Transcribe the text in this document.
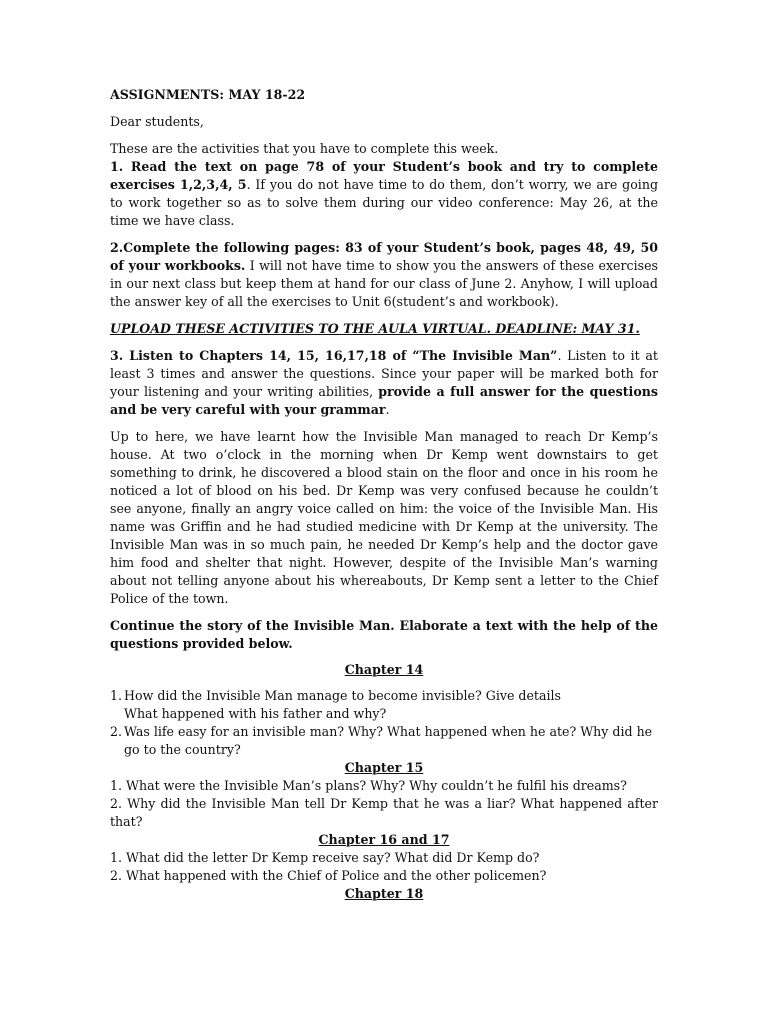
ASSIGNMENTS: MAY 18-22

Dear students,

These are the activities that you have to complete this week.

1. Read the text on page 78 of your Student’s book and try to complete exercises 1,2,3,4, 5. If you do not have time to do them, don’t worry, we are going to work together so as to solve them during our video conference: May 26, at the time we have class.

2.Complete the following pages: 83 of your Student’s book, pages 48, 49, 50 of your workbooks. I will not have time to show you the answers of these exercises in our next class but keep them at hand for our class of June 2. Anyhow, I will upload the answer key of all the exercises to Unit 6(student’s and workbook).

UPLOAD THESE ACTIVITIES TO THE AULA VIRTUAL. DEADLINE: MAY 31.

3. Listen to Chapters 14, 15, 16,17,18 of “The Invisible Man”. Listen to it at least 3 times and answer the questions. Since your paper will be marked both for your listening and your writing abilities, provide a full answer for the questions and be very careful with your grammar.

Up to here, we have learnt how the Invisible Man managed to reach Dr Kemp’s house. At two o’clock in the morning when Dr Kemp went downstairs to get something to drink, he discovered a blood stain on the floor and once in his room he noticed a lot of blood on his bed. Dr Kemp was very confused because he couldn’t see anyone, finally an angry voice called on him: the voice of the Invisible Man. His name was Griffin and he had studied medicine with Dr Kemp at the university. The Invisible Man was in so much pain, he needed Dr Kemp’s help and the doctor gave him food and shelter that night. However, despite of the Invisible Man’s warning about not telling anyone about his whereabouts, Dr Kemp sent a letter to the Chief Police of the town.

Continue the story of the Invisible Man. Elaborate a text with the help of the questions provided below.

Chapter 14

1. How did the Invisible Man manage to become invisible? Give details
What happened with his father and why?
2. Was life easy for an invisible man? Why? What happened when he ate? Why did he
go to the country?

Chapter 15

1. What were the Invisible Man’s plans? Why? Why couldn’t he fulfil his dreams?

2. Why did the Invisible Man tell Dr Kemp that he was a liar? What happened after that?

Chapter 16 and 17

1. What did the letter Dr Kemp receive say? What did Dr Kemp do?

2. What happened with the Chief of Police and the other policemen?

Chapter 18
